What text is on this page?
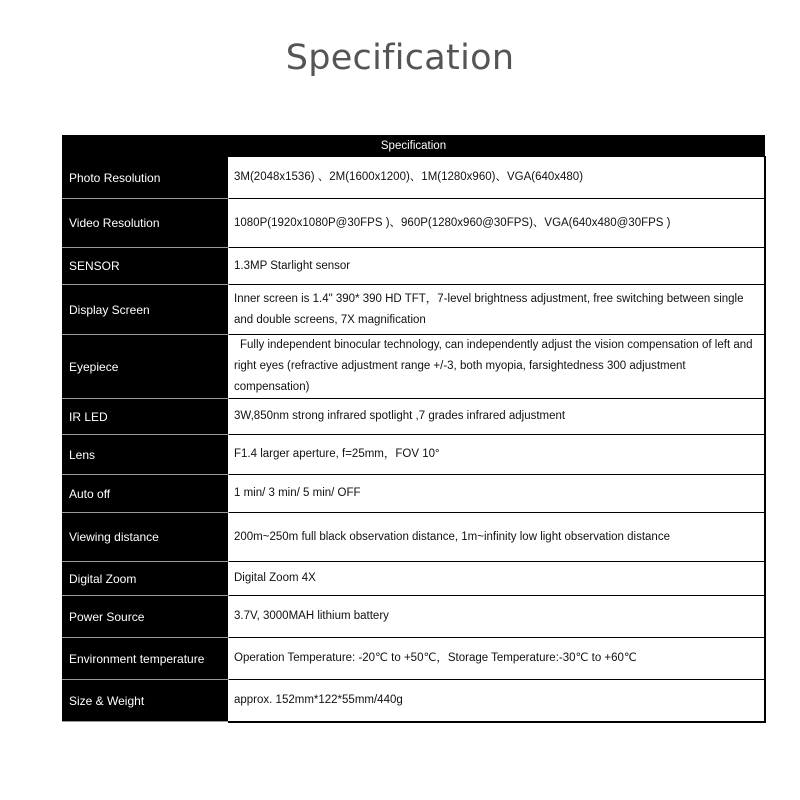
Specification
Specification	
Photo Resolution	3M(2048x1536) 、2M(1600x1200)、1M(1280x960)、VGA(640x480)
Video Resolution	1080P(1920x1080P@30FPS )、960P(1280x960@30FPS)、VGA(640x480@30FPS )
SENSOR	1.3MP Starlight sensor
Display Screen	Inner screen is 1.4" 390* 390 HD TFT，7-level brightness adjustment, free switching between single and double screens, 7X magnification
Eyepiece	Fully independent binocular technology, can independently adjust the vision compensation of left and right eyes (refractive adjustment range +/-3, both myopia, farsightedness 300 adjustment compensation)
IR LED	3W,850nm strong infrared spotlight ,7 grades infrared adjustment
Lens	F1.4 larger aperture, f=25mm，FOV 10°
Auto off	1 min/ 3 min/ 5 min/ OFF
Viewing distance	200m~250m full black observation distance, 1m~infinity low light observation distance
Digital Zoom	Digital Zoom 4X
Power Source	3.7V, 3000MAH lithium battery
Environment temperature	Operation Temperature: -20℃ to +50℃，Storage Temperature:-30℃ to +60℃
Size & Weight	approx. 152mm*122*55mm/440g
